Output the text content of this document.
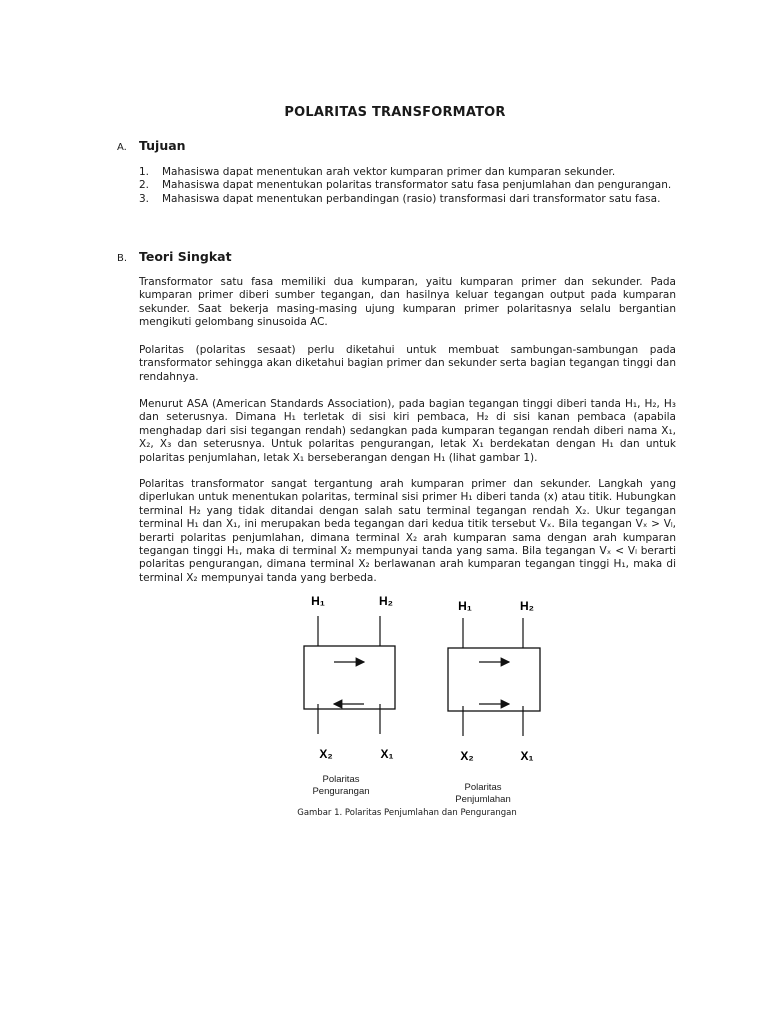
POLARITAS TRANSFORMATOR
A. Tujuan
1. Mahasiswa dapat menentukan arah vektor kumparan primer dan kumparan sekunder.
2. Mahasiswa dapat menentukan polaritas transformator satu fasa penjumlahan dan pengurangan.
3. Mahasiswa dapat menentukan perbandingan (rasio) transformasi dari transformator satu fasa.
B. Teori Singkat

Transformator satu fasa memiliki dua kumparan, yaitu kumparan primer dan sekunder. Pada kumparan primer diberi sumber tegangan, dan hasilnya keluar tegangan output pada kumparan sekunder. Saat bekerja masing-masing ujung kumparan primer polaritasnya selalu bergantian mengikuti gelombang sinusoida AC.

Polaritas (polaritas sesaat) perlu diketahui untuk membuat sambungan-sambungan pada transformator sehingga akan diketahui bagian primer dan sekunder serta bagian tegangan tinggi dan rendahnya.

Menurut ASA (American Standards Association), pada bagian tegangan tinggi diberi tanda H₁, H₂, H₃ dan seterusnya. Dimana H₁ terletak di sisi kiri pembaca, H₂ di sisi kanan pembaca (apabila menghadap dari sisi tegangan rendah) sedangkan pada kumparan tegangan rendah diberi nama X₁, X₂, X₃ dan seterusnya. Untuk polaritas pengurangan, letak X₁ berdekatan dengan H₁ dan untuk polaritas penjumlahan, letak X₁ berseberangan dengan H₁ (lihat gambar 1).

Polaritas transformator sangat tergantung arah kumparan primer dan sekunder. Langkah yang diperlukan untuk menentukan polaritas, terminal sisi primer H₁ diberi tanda (x) atau titik. Hubungkan terminal H₂ yang tidak ditandai dengan salah satu terminal tegangan rendah X₂. Ukur tegangan terminal H₁ dan X₁, ini merupakan beda tegangan dari kedua titik tersebut Vₓ. Bila tegangan Vₓ > Vₗ, berarti polaritas penjumlahan, dimana terminal X₂ arah kumparan sama dengan arah kumparan tegangan tinggi H₁, maka di terminal X₂ mempunyai tanda yang sama. Bila tegangan Vₓ < Vₗ berarti polaritas pengurangan, dimana terminal X₂ berlawanan arah kumparan tegangan tinggi H₁, maka di terminal X₂ mempunyai tanda yang berbeda.

H₁	H₂
X₂	X₁
H₁	H₂
X₂	X₁
Polaritas
Pengurangan	Polaritas
Penjumlahan
Gambar 1. Polaritas Penjumlahan dan Pengurangan
